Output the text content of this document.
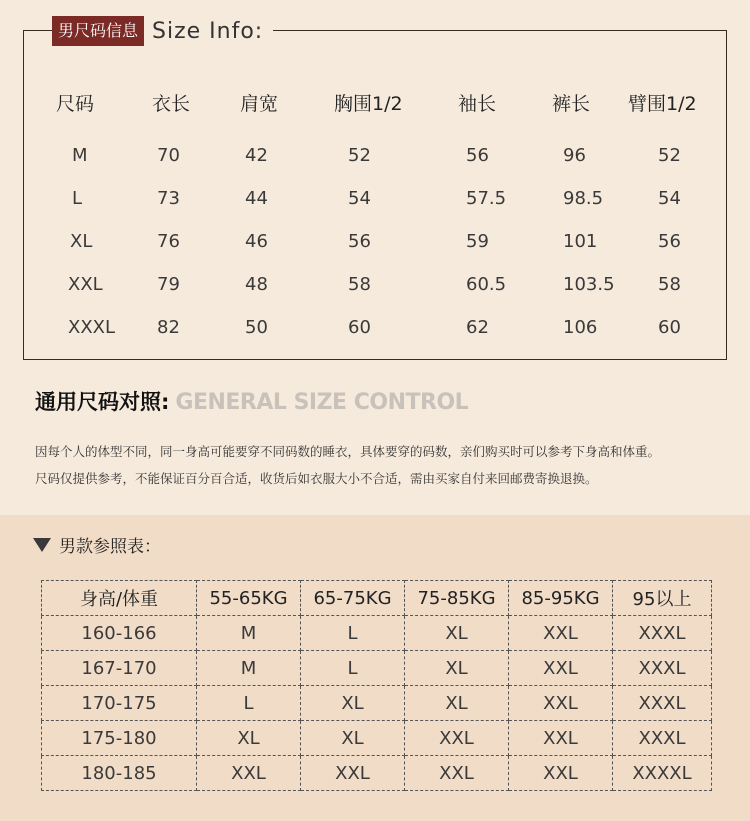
尺码	衣长	肩宽	胸围1/2	袖长	裤长 臂围1/2
M	70	42	52	56	96	52
L	73	44	54	57.5	98.5	54
XL	76	46	56	59	101	56
XXL	79	48	58	60.5	103.5 58
XXXL 82	50	60	62	106	60
男尺码信息 Size Info:
通用尺码对照: GENERAL SIZE CONTROL
因每个人的体型不同，同一身高可能要穿不同码数的睡衣，具体要穿的码数，亲们购买时可以参考下身高和体重。
尺码仅提供参考，不能保证百分百合适，收货后如衣服大小不合适，需由买家自付来回邮费寄换退换。
男款参照表：
身高/体重	55-65KG	65-75KG	75-85KG	85-95KG	95以上
160-166	M	L	XL	XXL	XXXL
167-170	M	L	XL	XXL	XXXL
170-175	L	XL	XL	XXL	XXXL
175-180	XL	XL	XXL	XXL	XXXL
180-185	XXL	XXL	XXL	XXL	XXXXL
